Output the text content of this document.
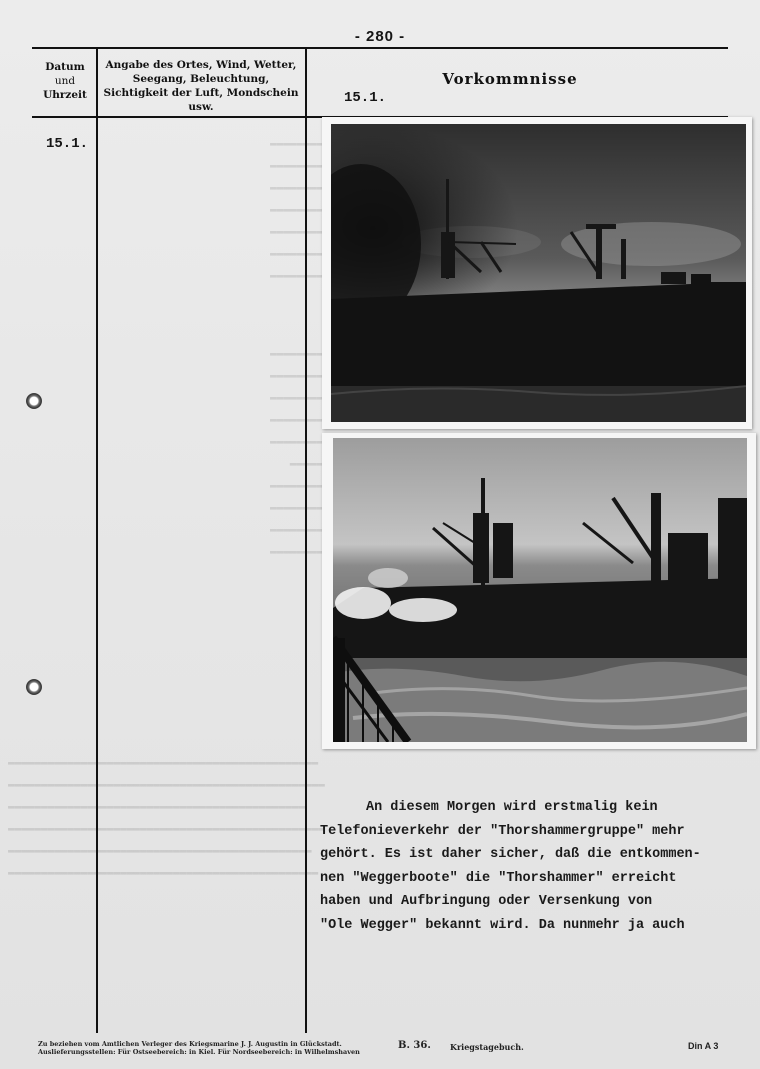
- 280 -
Datum
und
Uhrzeit
Angabe des Ortes, Wind, Wetter, Seegang, Beleuchtung, Sichtigkeit der Luft, Mondschein usw.
Vorkommnisse
15.1.
15.1.
▬▬▬▬▬▬▬▬▬▬▬▬▬▬▬▬▬▬▬▬▬▬▬▬▬▬▬▬▬▬▬▬▬▬▬▬▬▬▬▬▬▬▬▬▬▬▬
▬▬▬▬▬▬▬▬▬▬▬▬▬▬▬▬▬▬▬▬▬▬▬▬▬▬▬▬▬▬▬▬▬▬▬▬▬▬▬▬▬▬▬▬▬▬▬▬
▬▬▬▬▬▬▬▬▬▬▬▬▬▬▬▬▬▬▬▬▬▬▬▬▬▬▬▬▬▬▬▬▬▬▬▬▬▬▬▬▬▬▬▬▬
▬▬▬▬▬▬▬▬▬▬▬▬▬▬▬▬▬▬▬▬▬▬▬▬▬▬▬▬▬▬▬▬▬▬▬▬▬▬▬▬▬▬▬▬▬▬▬▬
▬▬▬▬▬▬▬▬▬▬▬▬▬▬▬▬▬▬▬▬▬▬▬▬▬▬▬▬▬▬▬▬▬▬▬▬▬▬▬▬▬▬▬▬▬▬
▬▬▬▬▬▬▬▬▬▬▬▬▬▬▬▬▬▬▬▬▬▬▬▬▬▬▬▬▬▬▬▬▬▬▬▬▬▬▬▬▬▬▬▬▬▬▬
An diesem Morgen wird erstmalig kein
Telefonieverkehr der "Thorshammergruppe" mehr
gehört. Es ist daher sicher, daß die entkommen-
nen "Weggerboote" die "Thorshammer" erreicht
haben und Aufbringung oder Versenkung von
"Ole Wegger" bekannt wird. Da nunmehr ja auch
Zu beziehen vom Amtlichen Verleger des Kriegsmarine J. J. Augustin in Glückstadt. Auslieferungsstellen: Für Ostseebereich: in Kiel. Für Nordseebereich: in Wilhelmshaven
B. 36. Kriegstagebuch.	Din A 3
